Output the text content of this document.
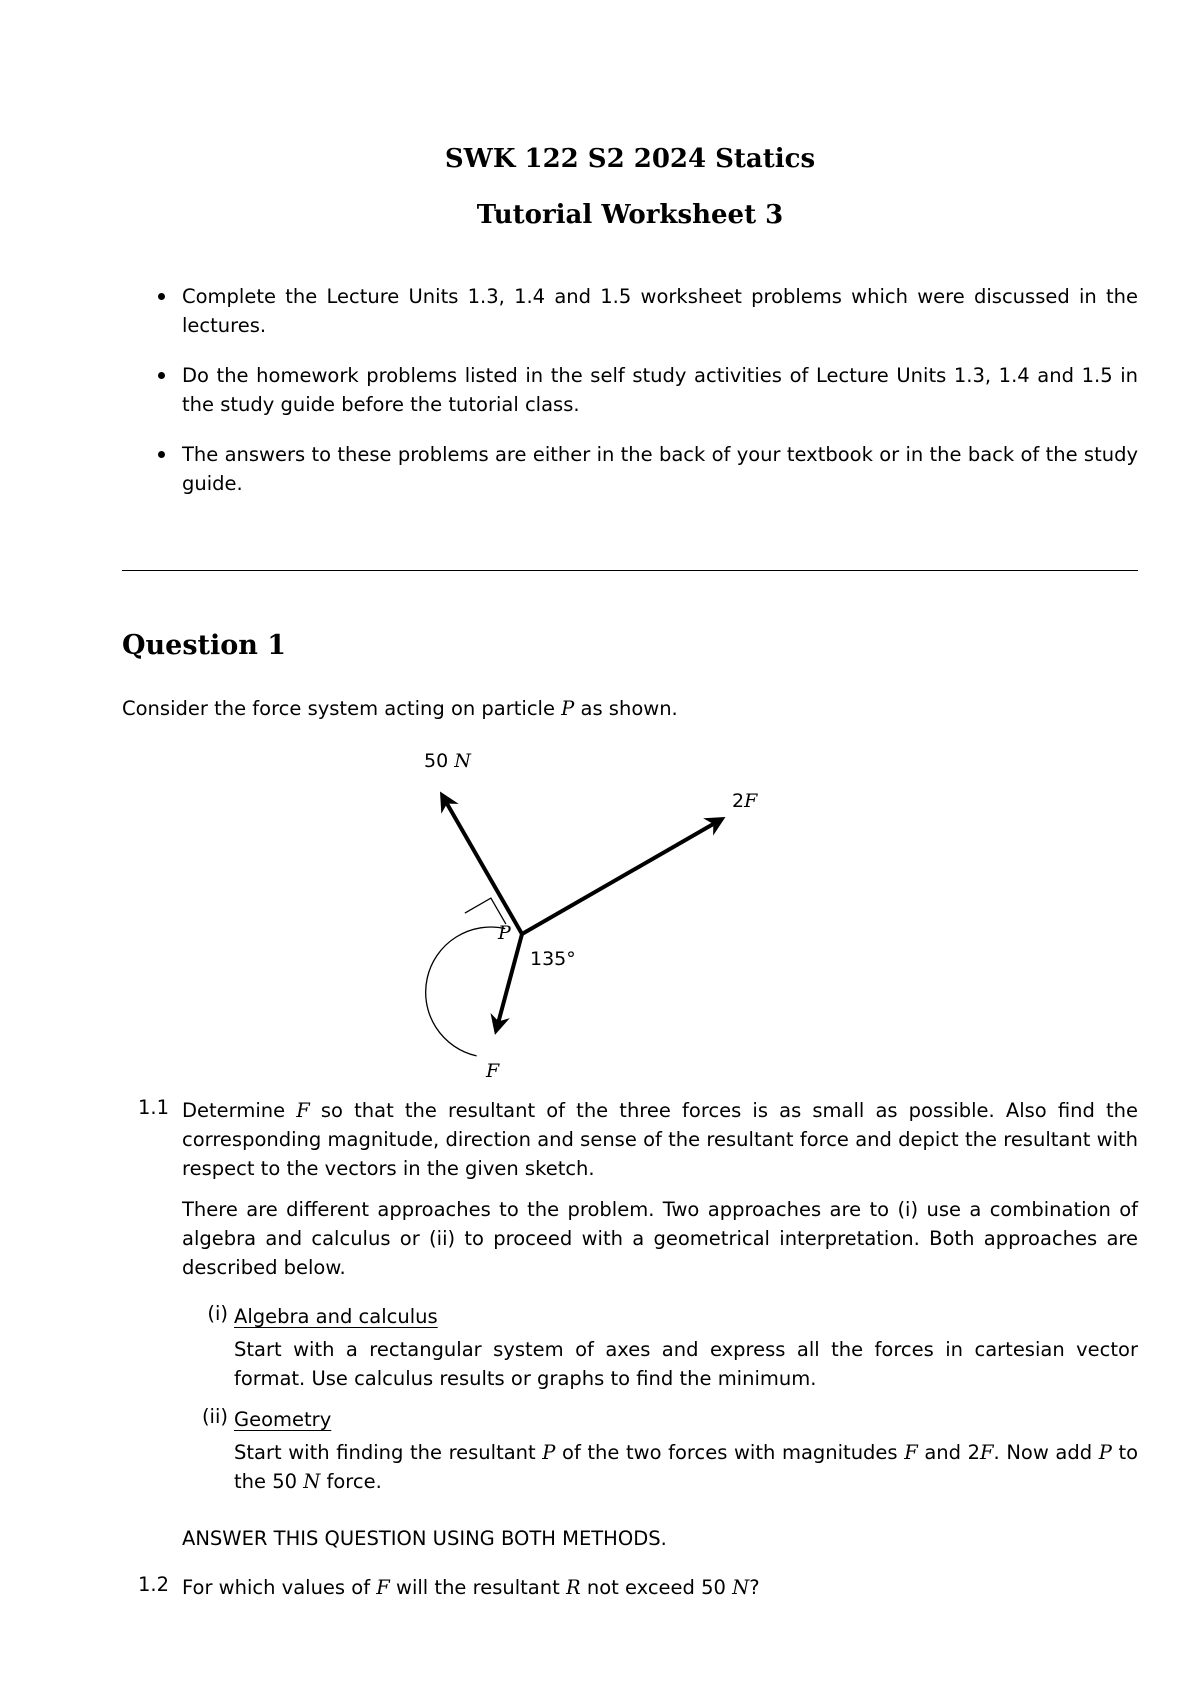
SWK 122 S2 2024 Statics
Tutorial Worksheet 3
Complete the Lecture Units 1.3, 1.4 and 1.5 worksheet problems which were discussed in the lectures.
Do the homework problems listed in the self study activities of Lecture Units 1.3, 1.4 and 1.5 in the study guide before the tutorial class.
The answers to these problems are either in the back of your textbook or in the back of the study guide.
Question 1
Consider the force system acting on particle P as shown.
50 N
2F
P
135°
F
1.1 Determine F so that the resultant of the three forces is as small as possible. Also find the corresponding magnitude, direction and sense of the resultant force and depict the resultant with respect to the vectors in the given sketch.
There are different approaches to the problem. Two approaches are to (i) use a combination of algebra and calculus or (ii) to proceed with a geometrical interpretation. Both approaches are described below.
(i) Algebra and calculus
Start with a rectangular system of axes and express all the forces in cartesian vector format. Use calculus results or graphs to find the minimum.
(ii) Geometry
Start with finding the resultant P of the two forces with magnitudes F and 2F. Now add P to the 50 N force.
ANSWER THIS QUESTION USING BOTH METHODS.
1.2 For which values of F will the resultant R not exceed 50 N?
